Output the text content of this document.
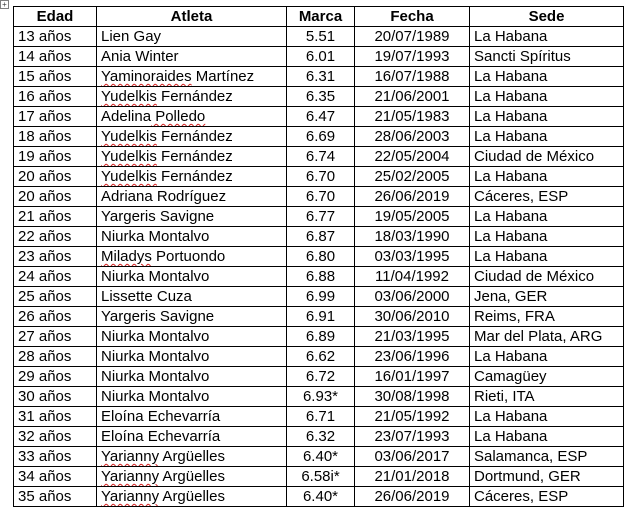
+
Edad	Atleta	Marca	Fecha	Sede
13 años	Lien Gay	5.51	20/07/1989	La Habana
14 años	Ania Winter	6.01	19/07/1993	Sancti Spíritus
15 años	Yaminoraides Martínez	6.31	16/07/1988	La Habana
16 años	Yudelkis Fernández	6.35	21/06/2001	La Habana
17 años	Adelina Polledo	6.47	21/05/1983	La Habana
18 años	Yudelkis Fernández	6.69	28/06/2003	La Habana
19 años	Yudelkis Fernández	6.74	22/05/2004	Ciudad de México
20 años	Yudelkis Fernández	6.70	25/02/2005	La Habana
20 años	Adriana Rodríguez	6.70	26/06/2019	Cáceres, ESP
21 años	Yargeris Savigne	6.77	19/05/2005	La Habana
22 años	Niurka Montalvo	6.87	18/03/1990	La Habana
23 años	Miladys Portuondo	6.80	03/03/1995	La Habana
24 años	Niurka Montalvo	6.88	11/04/1992	Ciudad de México
25 años	Lissette Cuza	6.99	03/06/2000	Jena, GER
26 años	Yargeris Savigne	6.91	30/06/2010	Reims, FRA
27 años	Niurka Montalvo	6.89	21/03/1995	Mar del Plata, ARG
28 años	Niurka Montalvo	6.62	23/06/1996	La Habana
29 años	Niurka Montalvo	6.72	16/01/1997	Camagüey
30 años	Niurka Montalvo	6.93*	30/08/1998	Rieti, ITA
31 años	Eloína Echevarría	6.71	21/05/1992	La Habana
32 años	Eloína Echevarría	6.32	23/07/1993	La Habana
33 años	Yarianny Argüelles	6.40*	03/06/2017	Salamanca, ESP
34 años	Yarianny Argüelles	6.58i*	21/01/2018	Dortmund, GER
35 años	Yarianny Argüelles	6.40*	26/06/2019	Cáceres, ESP
